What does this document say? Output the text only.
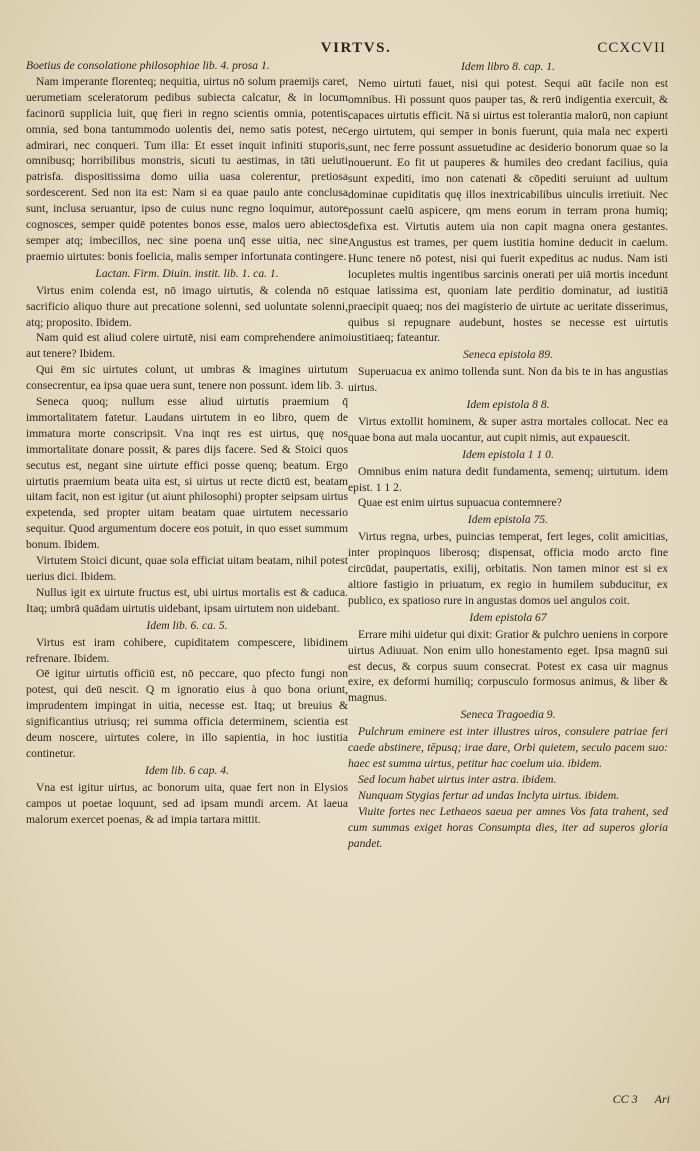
VIRTVS.	CCXCVII

Boetius de consolatione philosophiae lib. 4. prosa 1.

Nam imperante florenteq; nequitia, uirtus nō solum praemijs caret, uerumetiam sceleratorum pedibus subiecta calcatur, & in locum facinorū supplicia luit, quę fieri in regno scientis omnia, potentis omnia, sed bona tantummodo uolentis dei, nemo satis potest, nec admirari, nec conqueri. Tum illa: Et esset inquit infiniti stuporis, omnibusq; horribilibus monstris, sicuti tu aestimas, in tāti ueluti patrisfa. dispositissima domo uilia uasa colerentur, pretiosa sordescerent. Sed non ita est: Nam si ea quae paulo ante conclusa sunt, inclusa seruantur, ipso de cuius nunc regno loquimur, autore cognosces, semper quidē potentes bonos esse, malos uero abiectos semper atq; imbecillos, nec sine poena unq̄ esse uitia, nec sine praemio uirtutes: bonis foelicia, malis semper infortunata contingere.

Lactan. Firm. Diuin. instit. lib. 1. ca. 1.

Virtus enim colenda est, nō imago uirtutis, & colenda nō est sacrificio aliquo thure aut precatione solenni, sed uoluntate solenni, atq; proposito. Ibidem.

Nam quid est aliud colere uirtutē, nisi eam comprehendere animo aut tenere? Ibidem.

Qui ēm sic uirtutes colunt, ut umbras & imagines uirtutum consecrentur, ea ipsa quae uera sunt, tenere non possunt. idem lib. 3.

Seneca quoq; nullum esse aliud uirtutis praemium q̄ immortalitatem fatetur. Laudans uirtutem in eo libro, quem de immatura morte conscripsit. Vna inqt res est uirtus, quę nos immortalitate donare possit, & pares dijs facere. Sed & Stoici quos secutus est, negant sine uirtute effici posse quenq; beatum. Ergo uirtutis praemium beata uita est, si uirtus ut recte dictū est, beatam uitam facit, non est igitur (ut aiunt philosophi) propter seipsam uirtus expetenda, sed propter uitam beatam quae uirtutem necessario sequitur. Quod argumentum docere eos potuit, in quo esset summum bonum. Ibidem.

Virtutem Stoici dicunt, quae sola efficiat uitam beatam, nihil potest uerius dici. Ibidem.

Nullus igit ex uirtute fructus est, ubi uirtus mortalis est & caduca. Itaq; umbrā quādam uirtutis uidebant, ipsam uirtutem non uidebant.

Idem lib. 6. ca. 5.

Virtus est iram cohibere, cupiditatem compescere, libidinem refrenare. Ibidem.

Oē igitur uirtutis officiū est, nō peccare, quo pfecto fungi non potest, qui deū nescit. Q m ignoratio eius à quo bona oriunt, imprudentem impingat in uitia, necesse est. Itaq; ut breuius & significantius utriusq; rei summa officia determinem, scientia est deum noscere, uirtutes colere, in illo sapientia, in hoc iustitia continetur.

Idem lib. 6 cap. 4.

Vna est igitur uirtus, ac bonorum uita, quae fert non in Elysios campos ut poetae loquunt, sed ad ipsam mundi arcem. At laeua malorum exercet poenas, & ad impia tartara mittit.

Idem libro 8. cap. 1.

Nemo uirtuti fauet, nisi qui potest. Sequi aūt facile non est omnibus. Hi possunt quos pauper tas, & rerū indigentia exercuit, & capaces uirtutis efficit. Nā si uirtus est tolerantia malorū, non capiunt ergo uirtutem, qui semper in bonis fuerunt, quia mala nec experti sunt, nec ferre possunt assuetudine ac desiderio bonorum quae so la nouerunt. Eo fit ut pauperes & humiles deo credant facilius, quia sunt expediti, imo non catenati & cōpediti seruiunt ad uultum dominae cupiditatis quę illos inextricabilibus uinculis irretiuit. Nec possunt caelū aspicere, qm mens eorum in terram prona humiq; defixa est. Virtutis autem uia non capit magna onera gestantes. Angustus est trames, per quem iustitia homine deducit in caelum. Hunc tenere nō potest, nisi qui fuerit expeditus ac nudus. Nam isti locupletes multis ingentibus sarcinis onerati per uiā mortis incedunt quae latissima est, quoniam late perditio dominatur, ad iustitiā praecipit quaeq; nos dei magisterio de uirtute ac ueritate disserimus, quibus si repugnare audebunt, hostes se necesse est uirtutis iustitiaeq; fateantur.

Seneca epistola 89.

Superuacua ex animo tollenda sunt. Non da bis te in has angustias uirtus.

Idem epistola 8 8.

Virtus extollit hominem, & super astra mortales collocat. Nec ea quae bona aut mala uocantur, aut cupit nimis, aut expauescit.

Idem epistola 1 1 0.

Omnibus enim natura dedit fundamenta, semenq; uirtutum. idem epist. 1 1 2.

Quae est enim uirtus supuacua contemnere?

Idem epistola 75.

Virtus regna, urbes, puincias temperat, fert leges, colit amicitias, inter propinquos liberosq; dispensat, officia modo arcto fine circūdat, paupertatis, exilij, orbitatis. Non tamen minor est si ex altiore fastigio in priuatum, ex regio in humilem subducitur, ex publico, ex spatioso rure in angustas domos uel angulos coit.

Idem epistola 67

Errare mihi uidetur qui dixit: Gratior & pulchro ueniens in corpore uirtus Adiuuat. Non enim ullo honestamento eget. Ipsa magnū sui est decus, & corpus suum consecrat. Potest ex casa uir magnus exire, ex deformi humiliq; corpusculo formosus animus, & liber & magnus.

Seneca Tragoedia 9.

Pulchrum eminere est inter illustres uiros, consulere patriae feri caede abstinere, tēpusq; irae dare, Orbi quietem, seculo pacem suo: haec est summa uirtus, petitur hac coelum uia. ibidem.

Sed locum habet uirtus inter astra. ibidem.

Nunquam Stygias fertur ad undas Inclyta uirtus. ibidem.

Viuite fortes nec Lethaeos saeua per amnes Vos fata trahent, sed cum summas exiget horas Consumpta dies, iter ad superos gloria pandet.

CC 3 Ari
